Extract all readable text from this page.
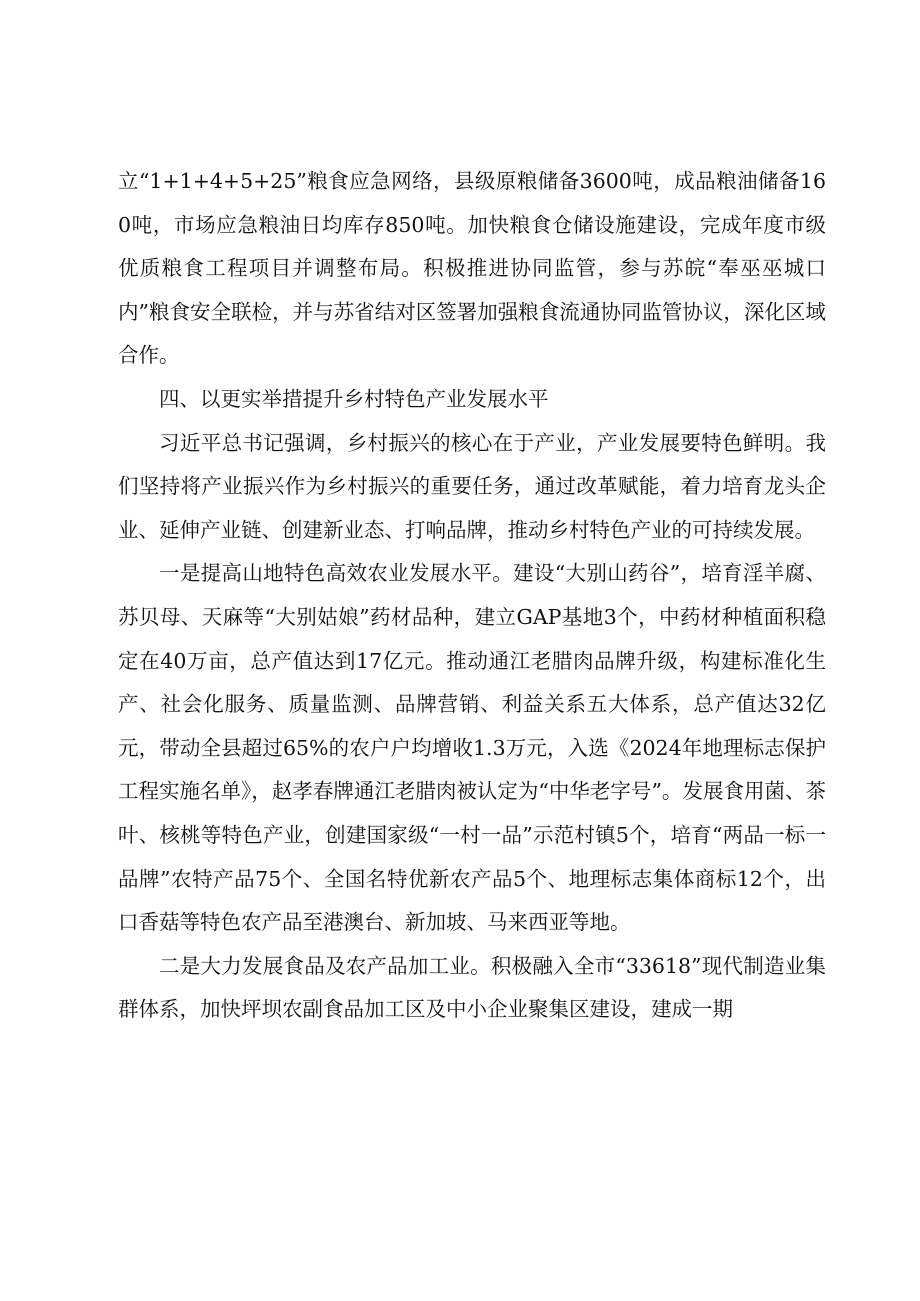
立“1+1+4+5+25”粮食应急网络，县级原粮储备3600吨，成品粮油储备160吨，市场应急粮油日均库存850吨。加快粮食仓储设施建设，完成年度市级优质粮食工程项目并调整布局。积极推进协同监管，参与苏皖“奉巫巫城口内”粮食安全联检，并与苏省结对区签署加强粮食流通协同监管协议，深化区域合作。

四、以更实举措提升乡村特色产业发展水平

习近平总书记强调，乡村振兴的核心在于产业，产业发展要特色鲜明。我们坚持将产业振兴作为乡村振兴的重要任务，通过改革赋能，着力培育龙头企业、延伸产业链、创建新业态、打响品牌，推动乡村特色产业的可持续发展。

一是提高山地特色高效农业发展水平。建设“大别山药谷”，培育淫羊腐、苏贝母、天麻等“大别姑娘”药材品种，建立GAP基地3个，中药材种植面积稳定在40万亩，总产值达到17亿元。推动通江老腊肉品牌升级，构建标准化生产、社会化服务、质量监测、品牌营销、利益关系五大体系，总产值达32亿元，带动全县超过65%的农户户均增收1.3万元，入选《2024年地理标志保护工程实施名单》，赵孝春牌通江老腊肉被认定为“中华老字号”。发展食用菌、茶叶、核桃等特色产业，创建国家级“一村一品”示范村镇5个，培育“两品一标一品牌”农特产品75个、全国名特优新农产品5个、地理标志集体商标12个，出口香菇等特色农产品至港澳台、新加坡、马来西亚等地。

二是大力发展食品及农产品加工业。积极融入全市“33618”现代制造业集群体系，加快坪坝农副食品加工区及中小企业聚集区建设，建成一期
